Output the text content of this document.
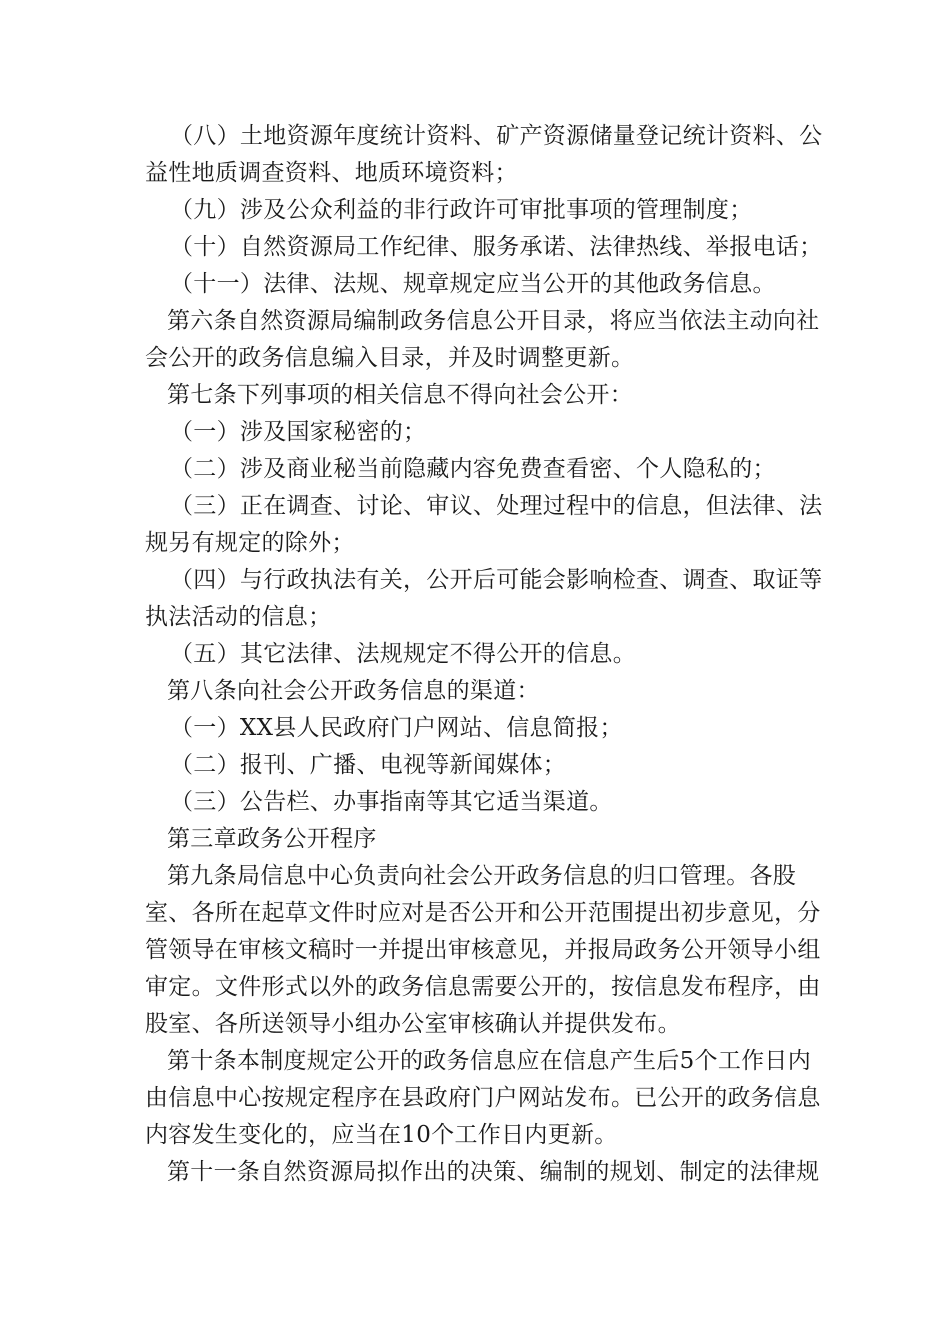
（八）土地资源年度统计资料、矿产资源储量登记统计资料、公益性地质调查资料、地质环境资料；

（九）涉及公众利益的非行政许可审批事项的管理制度；

（十）自然资源局工作纪律、服务承诺、法律热线、举报电话；

（十一）法律、法规、规章规定应当公开的其他政务信息。

第六条自然资源局编制政务信息公开目录，将应当依法主动向社会公开的政务信息编入目录，并及时调整更新。

第七条下列事项的相关信息不得向社会公开：

（一）涉及国家秘密的；

（二）涉及商业秘当前隐藏内容免费查看密、个人隐私的；

（三）正在调查、讨论、审议、处理过程中的信息，但法律、法规另有规定的除外；

（四）与行政执法有关，公开后可能会影响检查、调查、取证等执法活动的信息；

（五）其它法律、法规规定不得公开的信息。

第八条向社会公开政务信息的渠道：

（一）XX县人民政府门户网站、信息简报；

（二）报刊、广播、电视等新闻媒体；

（三）公告栏、办事指南等其它适当渠道。

第三章政务公开程序

第九条局信息中心负责向社会公开政务信息的归口管理。各股室、各所在起草文件时应对是否公开和公开范围提出初步意见，分管领导在审核文稿时一并提出审核意见，并报局政务公开领导小组审定。文件形式以外的政务信息需要公开的，按信息发布程序，由股室、各所送领导小组办公室审核确认并提供发布。

第十条本制度规定公开的政务信息应在信息产生后5个工作日内由信息中心按规定程序在县政府门户网站发布。已公开的政务信息内容发生变化的，应当在10个工作日内更新。

第十一条自然资源局拟作出的决策、编制的规划、制定的法律规
